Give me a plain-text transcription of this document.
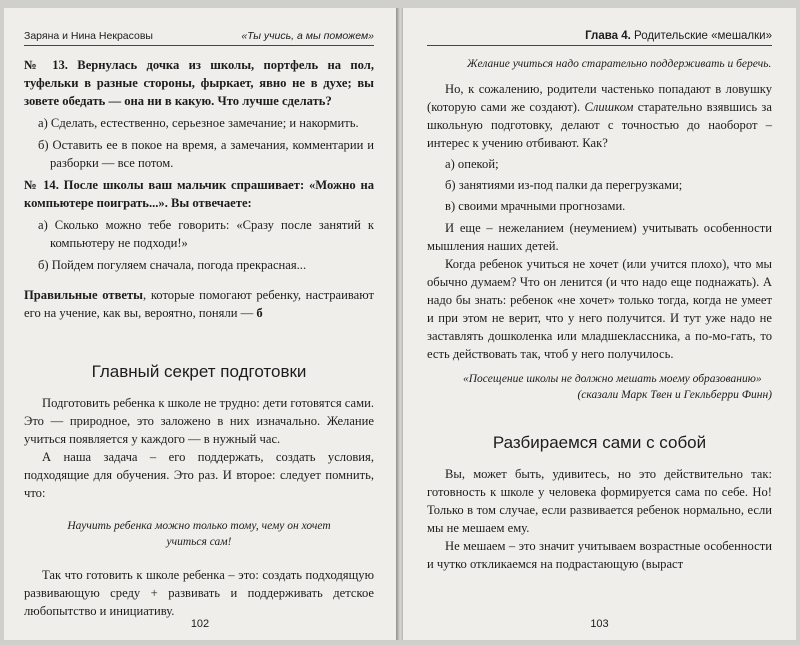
Заряна и Нина Некрасовы	«Ты учись, а мы поможем»

№ 13. Вернулась дочка из школы, портфель на пол, туфельки в разные стороны, фыркает, явно не в духе; вы зовете обедать — она ни в какую. Что лучше сделать?

а) Сделать, естественно, серьезное замечание; и накормить.

б) Оставить ее в покое на время, а замечания, комментарии и разборки — все потом.

№ 14. После школы ваш мальчик спрашивает: «Можно на компьютере поиграть...». Вы отвечаете:

а) Сколько можно тебе говорить: «Сразу после занятий к компьютеру не подходи!»

б) Пойдем погуляем сначала, погода прекрасная...

Правильные ответы, которые помогают ребенку, настраивают его на учение, как вы, вероятно, поняли — б

Главный секрет подготовки

Подготовить ребенка к школе не трудно: дети готовятся сами. Это — природное, это заложено в них изначально. Желание учиться появляется у каждого — в нужный час.

А наша задача – его поддержать, создать условия, подходящие для обучения. Это раз. И второе: следует помнить, что:

Научить ребенка можно только тому, чему он хочет учиться сам!

Так что готовить к школе ребенка – это: создать подходящую развивающую среду + развивать и поддерживать детское любопытство и инициативу.

102
Глава 4. Родительские «мешалки»

Желание учиться надо старательно поддерживать и беречь.

Но, к сожалению, родители частенько попадают в ловушку (которую сами же создают). Слишком старательно взявшись за школьную подготовку, делают с точностью до наоборот – интерес к учению отбивают. Как?

а) опекой;

б) занятиями из-под палки да перегрузками;

в) своими мрачными прогнозами.

И еще – нежеланием (неумением) учитывать особенности мышления наших детей.

Когда ребенок учиться не хочет (или учится плохо), что мы обычно думаем? Что он ленится (и что надо еще поднажать). А надо бы знать: ребенок «не хочет» только тогда, когда не умеет и при этом не верит, что у него получится. И тут уже надо не заставлять дошколенка или младшеклассника, а по-мо-гать, то есть действовать так, чтоб у него получилось.

«Посещение школы не должно мешать моему образованию»

(сказали Марк Твен и Гекльберри Финн)

Разбираемся сами с собой

Вы, может быть, удивитесь, но это действительно так: готовность к школе у человека формируется сама по себе. Но! Только в том случае, если развивается ребенок нормально, если мы не мешаем ему.

Не мешаем – это значит учитываем возрастные особенности и чутко откликаемся на подрастающую (выраст

103
